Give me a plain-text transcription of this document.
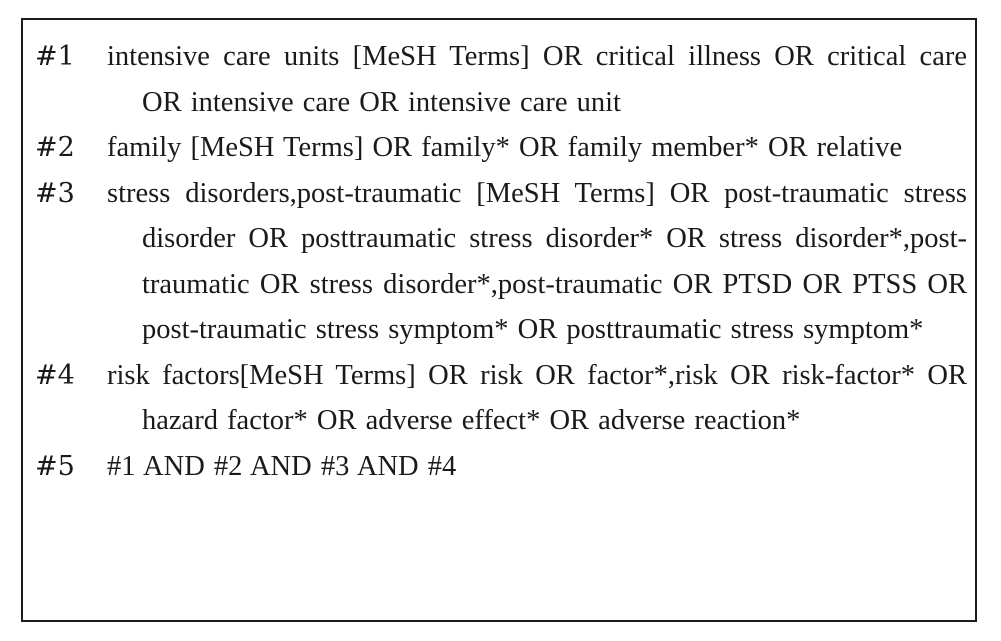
#1	intensive care units [MeSH Terms] OR critical illness OR critical care OR intensive care OR intensive care unit
#2	family [MeSH Terms] OR family* OR family member* OR relative
#3	stress disorders,post-traumatic [MeSH Terms] OR post-traumatic stress disorder OR posttraumatic stress disorder* OR stress disorder*,post-traumatic OR stress disorder*,post-traumatic OR PTSD OR PTSS OR post-traumatic stress symptom* OR posttraumatic stress symptom*
#4	risk factors[MeSH Terms] OR risk OR factor*,risk OR risk-factor* OR hazard factor* OR adverse effect* OR adverse reaction*
#5	#1 AND #2 AND #3 AND #4
